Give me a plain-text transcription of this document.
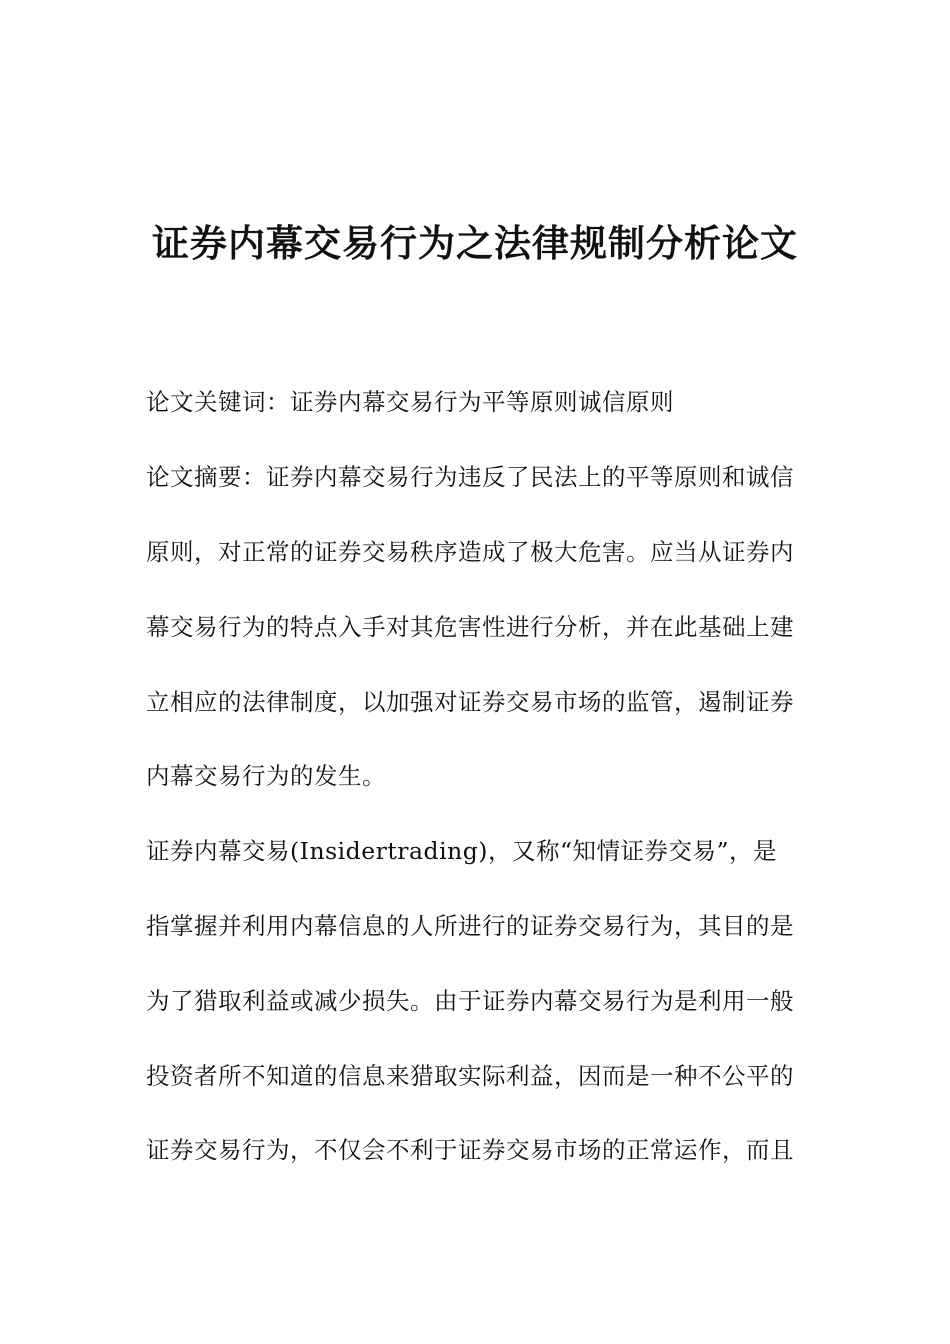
证券内幕交易行为之法律规制分析论文
论文关键词：证券内幕交易行为平等原则诚信原则
论文摘要：证券内幕交易行为违反了民法上的平等原则和诚信
原则，对正常的证券交易秩序造成了极大危害。应当从证券内
幕交易行为的特点入手对其危害性进行分析，并在此基础上建
立相应的法律制度，以加强对证券交易市场的监管，遏制证券
内幕交易行为的发生。
证券内幕交易(Insidertrading)，又称“知情证券交易”，是
指掌握并利用内幕信息的人所进行的证券交易行为，其目的是
为了猎取利益或减少损失。由于证券内幕交易行为是利用一般
投资者所不知道的信息来猎取实际利益，因而是一种不公平的
证券交易行为，不仅会不利于证券交易市场的正常运作，而且
